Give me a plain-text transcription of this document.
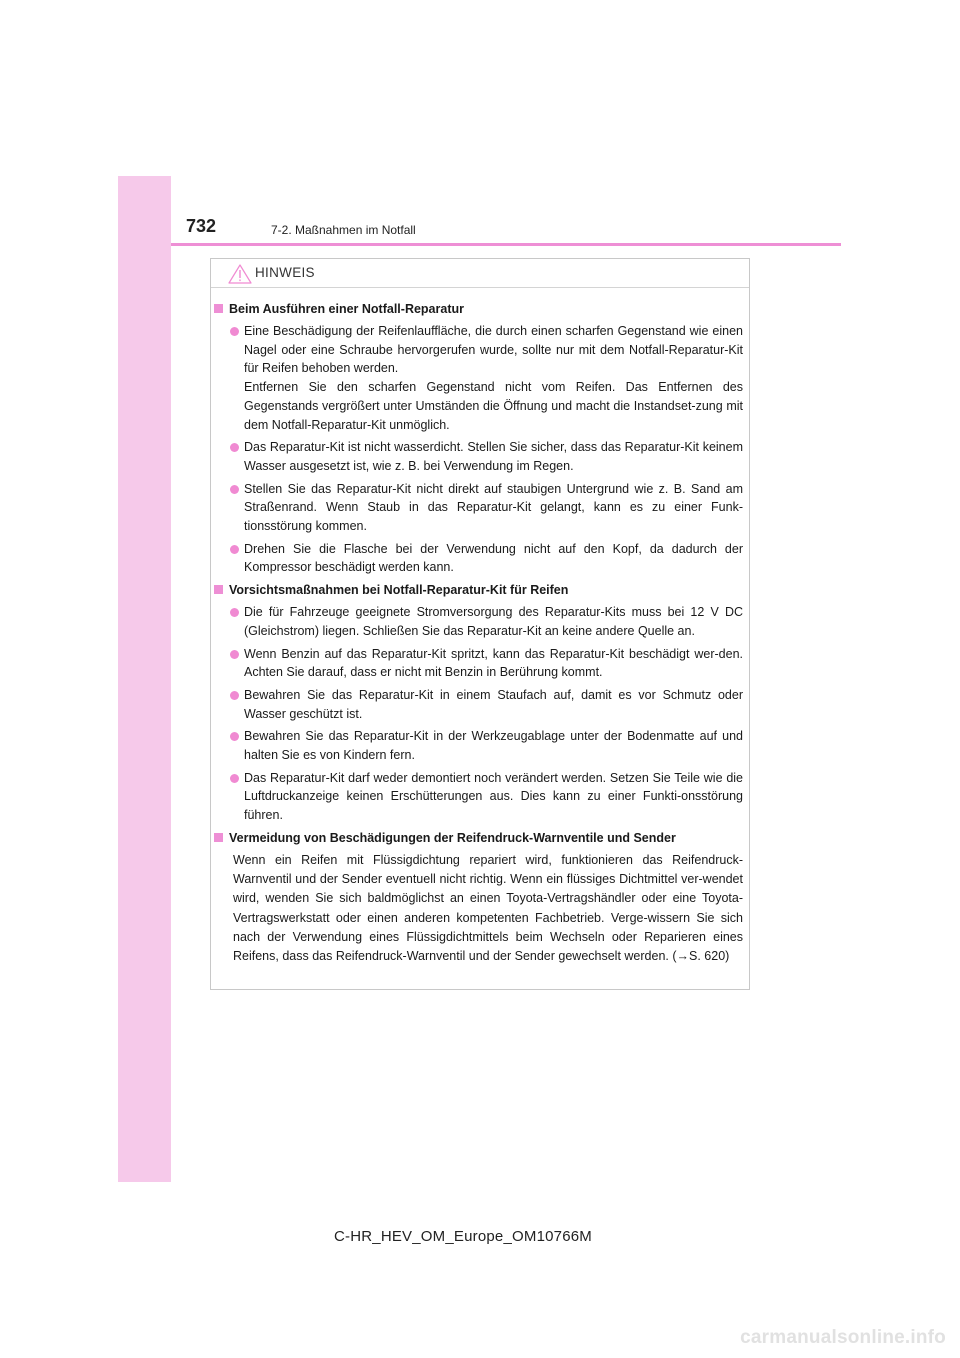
732	7-2. Maßnahmen im Notfall
HINWEIS
Beim Ausführen einer Notfall-Reparatur
Eine Beschädigung der Reifenlauffläche, die durch einen scharfen Gegenstand wie einen Nagel oder eine Schraube hervorgerufen wurde, sollte nur mit dem Notfall-Reparatur-Kit für Reifen behoben werden.
Entfernen Sie den scharfen Gegenstand nicht vom Reifen. Das Entfernen des Gegenstands vergrößert unter Umständen die Öffnung und macht die Instandset-zung mit dem Notfall-Reparatur-Kit unmöglich.
Das Reparatur-Kit ist nicht wasserdicht. Stellen Sie sicher, dass das Reparatur-Kit keinem Wasser ausgesetzt ist, wie z. B. bei Verwendung im Regen.
Stellen Sie das Reparatur-Kit nicht direkt auf staubigen Untergrund wie z. B. Sand am Straßenrand. Wenn Staub in das Reparatur-Kit gelangt, kann es zu einer Funk-tionsstörung kommen.
Drehen Sie die Flasche bei der Verwendung nicht auf den Kopf, da dadurch der Kompressor beschädigt werden kann.
Vorsichtsmaßnahmen bei Notfall-Reparatur-Kit für Reifen
Die für Fahrzeuge geeignete Stromversorgung des Reparatur-Kits muss bei 12 V DC (Gleichstrom) liegen. Schließen Sie das Reparatur-Kit an keine andere Quelle an.
Wenn Benzin auf das Reparatur-Kit spritzt, kann das Reparatur-Kit beschädigt wer-den. Achten Sie darauf, dass er nicht mit Benzin in Berührung kommt.
Bewahren Sie das Reparatur-Kit in einem Staufach auf, damit es vor Schmutz oder Wasser geschützt ist.
Bewahren Sie das Reparatur-Kit in der Werkzeugablage unter der Bodenmatte auf und halten Sie es von Kindern fern.
Das Reparatur-Kit darf weder demontiert noch verändert werden. Setzen Sie Teile wie die Luftdruckanzeige keinen Erschütterungen aus. Dies kann zu einer Funkti-onsstörung führen.
Vermeidung von Beschädigungen der Reifendruck-Warnventile und Sender
Wenn ein Reifen mit Flüssigdichtung repariert wird, funktionieren das Reifendruck-Warnventil und der Sender eventuell nicht richtig. Wenn ein flüssiges Dichtmittel ver-wendet wird, wenden Sie sich baldmöglichst an einen Toyota-Vertragshändler oder eine Toyota-Vertragswerkstatt oder einen anderen kompetenten Fachbetrieb. Verge-wissern Sie sich nach der Verwendung eines Flüssigdichtmittels beim Wechseln oder Reparieren eines Reifens, dass das Reifendruck-Warnventil und der Sender gewechselt werden. (→S. 620)
C-HR_HEV_OM_Europe_OM10766M
carmanualsonline.info
